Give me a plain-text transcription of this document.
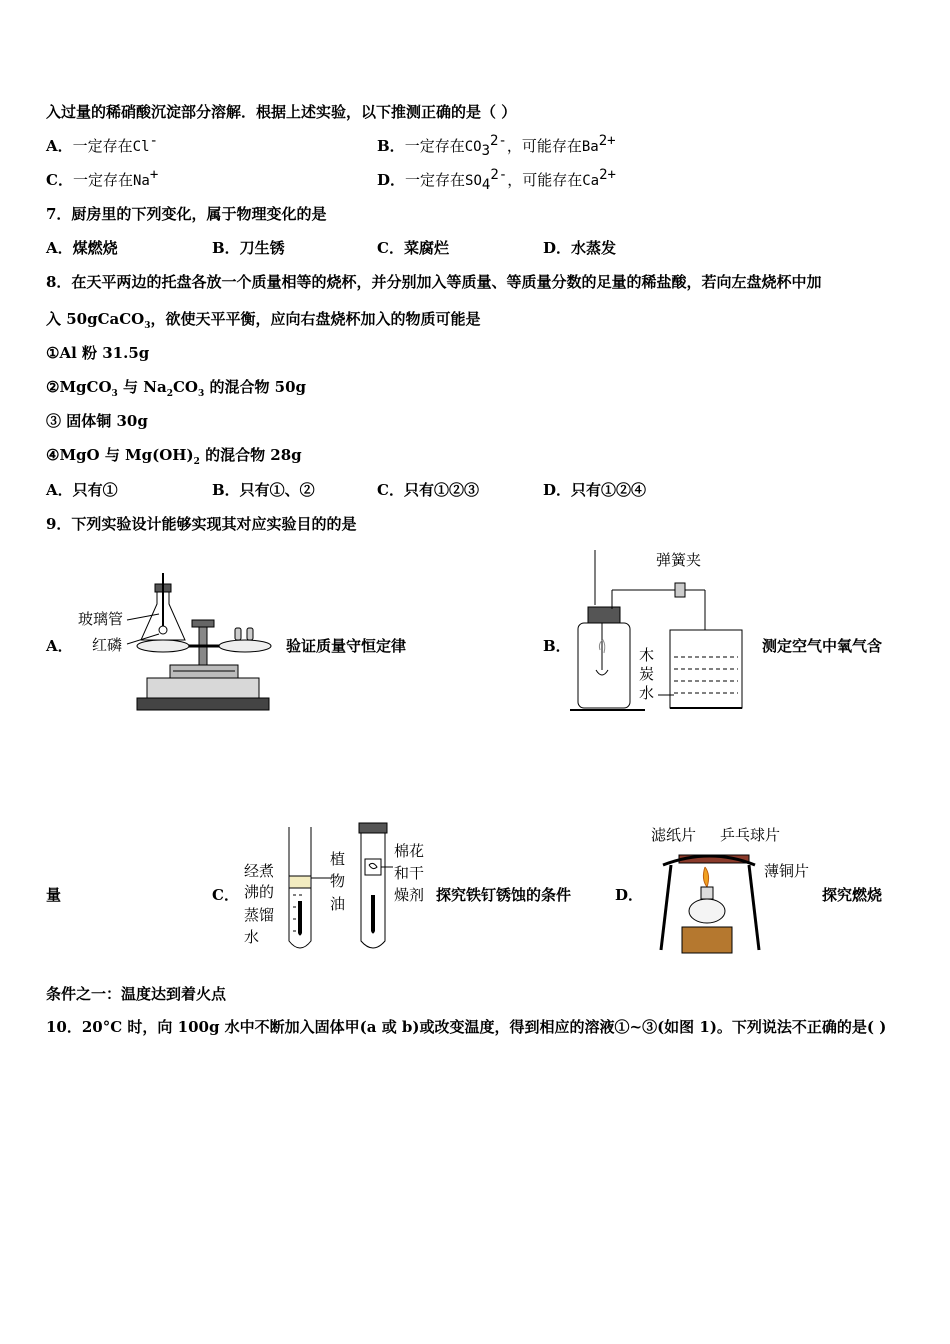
入过量的稀硝酸沉淀部分溶解．根据上述实验，以下推测正确的是（ ）
A．一定存在Cl-	B．一定存在$CO_3^{2-}$，可能存在$Ba^{2+}$
C．一定存在Na+	D．一定存在$SO_4^{2-}$，可能存在$Ca^{2+}$
7．厨房里的下列变化，属于物理变化的是
A．煤燃烧	B．刀生锈	C．菜腐烂	D．水蒸发
8．在天平两边的托盘各放一个质量相等的烧杯，并分别加入等质量、等质量分数的足量的稀盐酸，若向左盘烧杯中加
入 50gCaCO$_3$，欲使天平平衡，应向右盘烧杯加入的物质可能是
①Al 粉 31.5g
②MgCO$_3$ 与 $Na_2CO_3$ 的混合物 50g
③ 固体铜 30g
④MgO 与 $Mg(OH)_2$ 的混合物 28g
A．只有①	B．只有①、②	C．只有①②③	D．只有①②④
9．下列实验设计能够实现其对应实验目的的是
A．
玻璃管
红磷	验证质量守恒定律	B．
弹簧夹
木
炭
水
测定空气中氧气含
量	C．
经煮
沸的
蒸馏
水
植
物
油
棉花
和干
燥剂 探究铁钉锈蚀的条件	D．
滤纸片 乒乓球片
薄铜片
探究燃烧
条件之一：温度达到着火点
10．20°C 时，向 100g 水中不断加入固体甲(a 或 b)或改变温度，得到相应的溶液①~③(如图 1)。下列说法不正确的是( )
